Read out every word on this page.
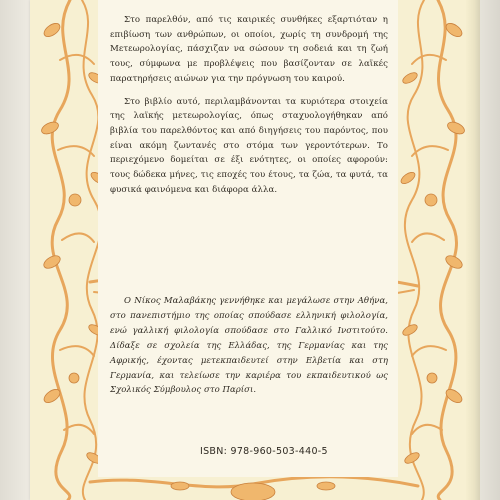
Στο παρελθόν, από τις καιρικές συνθήκες εξαρτιόταν η επιβίωση των ανθρώπων, οι οποίοι, χωρίς τη συνδρομή της Μετεωρολογίας, πάσχιζαν να σώσουν τη σοδειά και τη ζωή τους, σύμφωνα με προβλέψεις που βασίζονταν σε λαϊκές παρατηρήσεις αιώνων για την πρόγνωση του καιρού.

Στο βιβλίο αυτό, περιλαμβάνονται τα κυριότερα στοιχεία της λαϊκής μετεωρολογίας, όπως σταχυολογήθηκαν από βιβλία του παρελθόντος και από διηγήσεις του παρόντος, που είναι ακόμη ζωντανές στο στόμα των γεροντότερων. Το περιεχόμενο δομείται σε έξι ενότητες, οι οποίες αφορούν: τους δώδεκα μήνες, τις εποχές του έτους, τα ζώα, τα φυτά, τα φυσικά φαινόμενα και διάφορα άλλα.

Ο Νίκος Μαλαβάκης γεννήθηκε και μεγάλωσε στην Αθήνα, στο πανεπιστήμιο της οποίας σπούδασε ελληνική φιλολογία, ενώ γαλλική φιλολογία σπούδασε στο Γαλλικό Ινστιτούτο. Δίδαξε σε σχολεία της Ελλάδας, της Γερμανίας και της Αφρικής, έχοντας μετεκπαιδευτεί στην Ελβετία και στη Γερμανία, και τελείωσε την καριέρα του εκπαιδευτικού ως Σχολικός Σύμβουλος στο Παρίσι.

ISBN: 978-960-503-440-5
